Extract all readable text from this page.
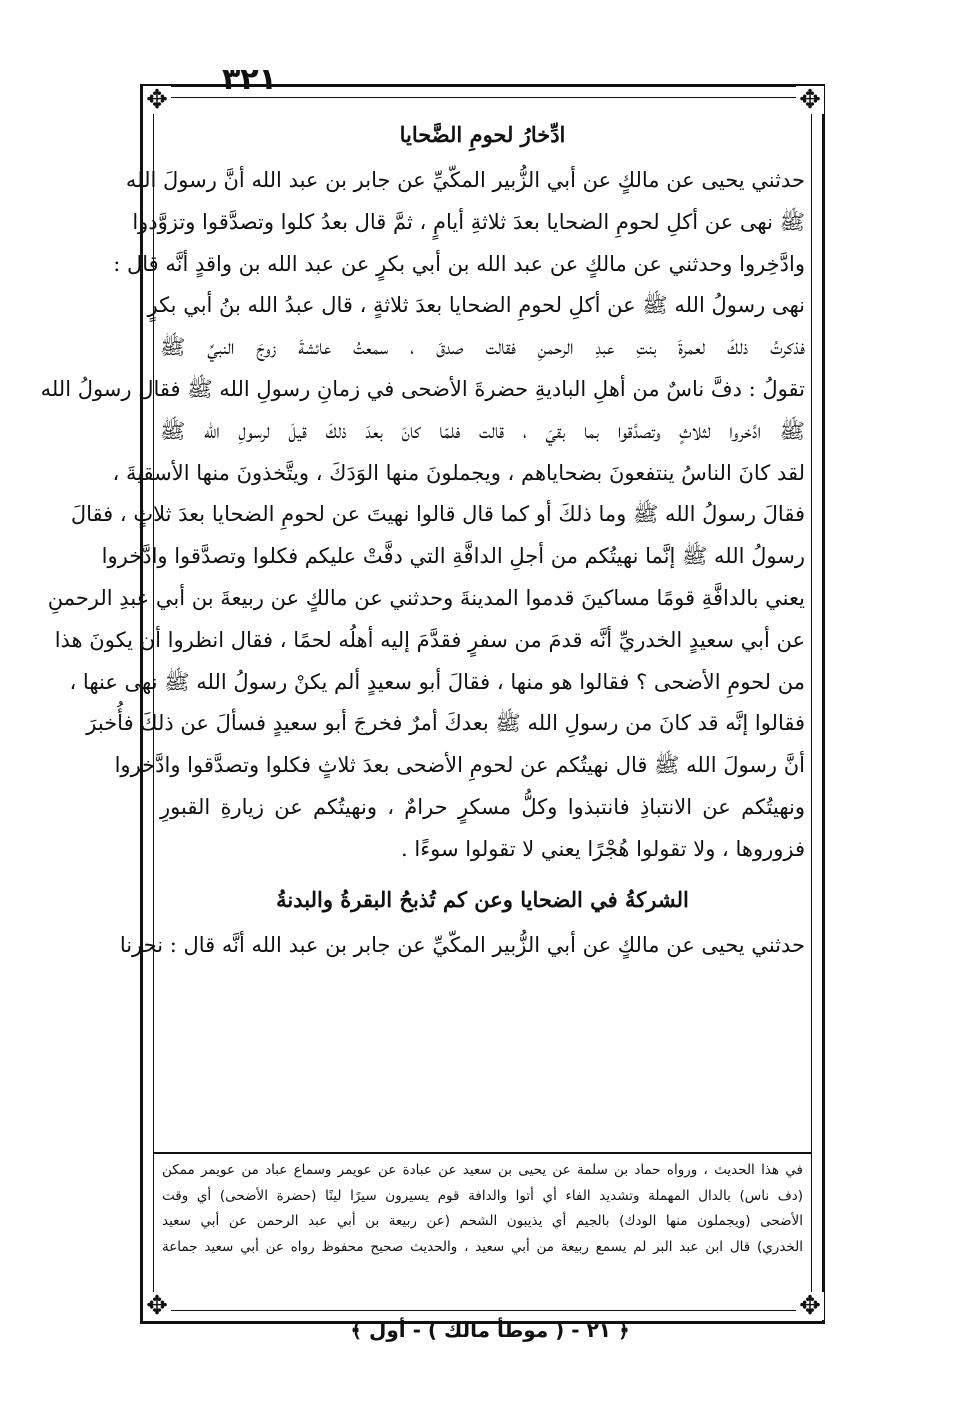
✥	✥
✥	✥
٣٢١
ادِّخارُ لحومِ الضَّحايا
حدثني يحيى عن مالكٍ عن أبي الزُّبير المكّيِّ عن جابر بن عبد الله أنَّ رسولَ الله
ﷺ نهى عن أكلِ لحومِ الضحايا بعدَ ثلاثةِ أيامٍ ، ثمَّ قال بعدُ كلوا وتصدَّقوا وتزوَّدوا
وادَّخِروا وحدثني عن مالكٍ عن عبد الله بن أبي بكرٍ عن عبد الله بن واقدٍ أنَّه قال :
نهى رسولُ الله ﷺ عن أكلِ لحومِ الضحايا بعدَ ثلاثةٍ ، قال عبدُ الله بنُ أبي بكرٍ
فذكرتُ ذلكَ لعمرةَ بنتِ عبدِ الرحمنِ فقالت صدقَ ، سمعتُ عائشةَ زوجَ النبيِّ ﷺ
تقولُ : دفَّ ناسٌ من أهلِ الباديةِ حضرةَ الأضحى في زمانِ رسولِ الله ﷺ فقال رسولُ الله
ﷺ ادَّخروا لثلاثٍ وتصدَّقوا بما بقيَ ، قالت فلمّا كانَ بعدَ ذلكَ قيلَ لرسولِ الله ﷺ
لقد كانَ الناسُ ينتفعونَ بضحاياهم ، ويجملونَ منها الوَدَكَ ، ويتَّخذونَ منها الأسقيةَ ،
فقالَ رسولُ الله ﷺ وما ذلكَ أو كما قال قالوا نهيتَ عن لحومِ الضحايا بعدَ ثلاثٍ ، فقالَ
رسولُ الله ﷺ إنَّما نهيتُكم من أجلِ الدافَّةِ التي دفَّتْ عليكم فكلوا وتصدَّقوا وادَّخروا
يعني بالدافَّةِ قومًا مساكينَ قدموا المدينةَ وحدثني عن مالكٍ عن ربيعةَ بن أبي عبدِ الرحمنِ
عن أبي سعيدٍ الخدريِّ أنَّه قدمَ من سفرٍ فقدَّمَ إليه أهلُه لحمًا ، فقال انظروا أن يكونَ هذا
من لحومِ الأضحى ؟ فقالوا هو منها ، فقالَ أبو سعيدٍ ألم يكنْ رسولُ الله ﷺ نهى عنها ،
فقالوا إنَّه قد كانَ من رسولِ الله ﷺ بعدكَ أمرٌ فخرجَ أبو سعيدٍ فسألَ عن ذلكَ فأُخبرَ
أنَّ رسولَ الله ﷺ قال نهيتُكم عن لحومِ الأضحى بعدَ ثلاثٍ فكلوا وتصدَّقوا وادَّخروا
ونهيتُكم عن الانتباذِ فانتبذوا وكلُّ مسكرٍ حرامٌ ، ونهيتُكم عن زيارةِ القبورِ
فزوروها ، ولا تقولوا هُجْرًا يعني لا تقولوا سوءًا .
الشركةُ في الضحايا وعن كم تُذبحُ البقرةُ والبدنةُ
حدثني يحيى عن مالكٍ عن أبي الزُّبير المكّيِّ عن جابر بن عبد الله أنَّه قال : نحرنا
في هذا الحديث ، ورواه حماد بن سلمة عن يحيى بن سعيد عن عبادة عن عويمر وسماع عباد من عويمر ممكن
(دف ناس) بالدال المهملة وتشديد الفاء أي أتوا والدافة قوم يسيرون سيرًا لينًا (حضرة الأضحى) أي وقت
الأضحى (ويجملون منها الودك) بالجيم أي يذيبون الشحم (عن ربيعة بن أبي عبد الرحمن عن أبي سعيد
الخدري) قال ابن عبد البر لم يسمع ربيعة من أبي سعيد ، والحديث صحيح محفوظ رواه عن أبي سعيد جماعة
﴿ ٢١ - ( موطأ مالك ) - أول ﴾
